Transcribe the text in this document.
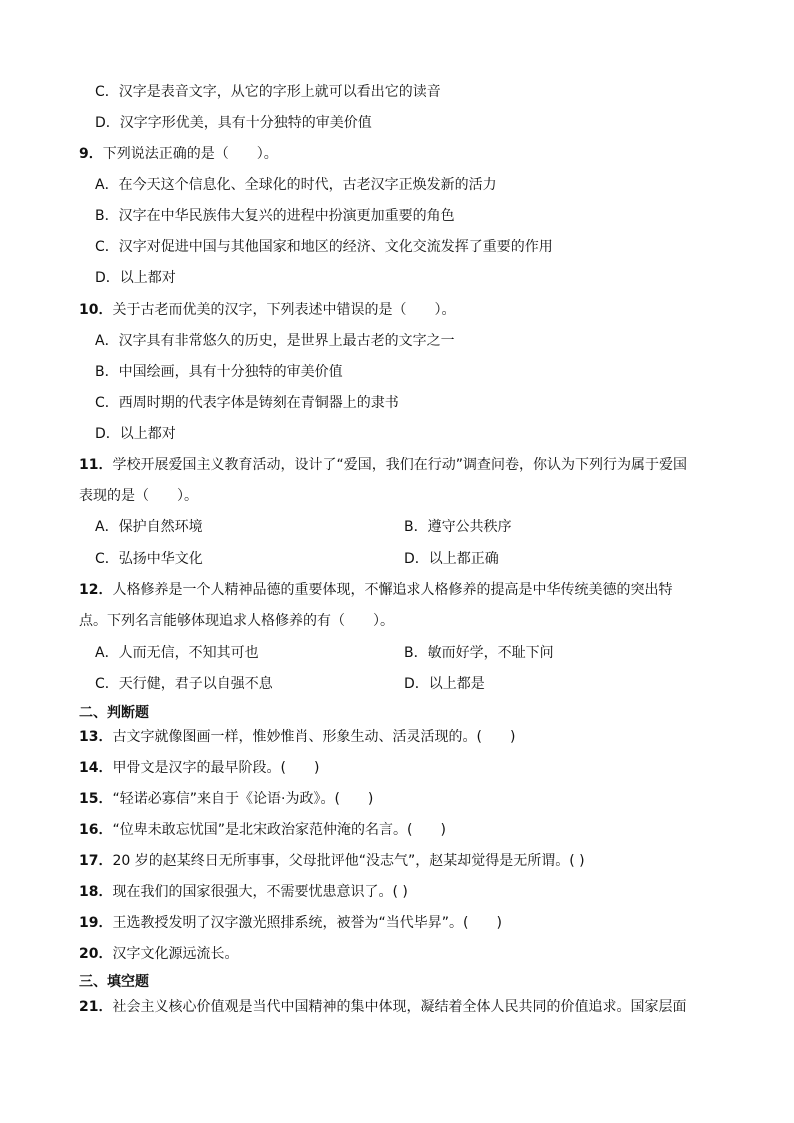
C．汉字是表音文字，从它的字形上就可以看出它的读音
D．汉字字形优美，具有十分独特的审美价值
9．下列说法正确的是（　　）。
A．在今天这个信息化、全球化的时代，古老汉字正焕发新的活力
B．汉字在中华民族伟大复兴的进程中扮演更加重要的角色
C．汉字对促进中国与其他国家和地区的经济、文化交流发挥了重要的作用
D．以上都对
10．关于古老而优美的汉字，下列表述中错误的是（　　）。
A．汉字具有非常悠久的历史，是世界上最古老的文字之一
B．中国绘画，具有十分独特的审美价值
C．西周时期的代表字体是铸刻在青铜器上的隶书
D．以上都对
11．学校开展爱国主义教育活动，设计了“爱国，我们在行动”调查问卷，你认为下列行为属于爱国
表现的是（　　）。
A．保护自然环境	B．遵守公共秩序
C．弘扬中华文化	D．以上都正确
12．人格修养是一个人精神品德的重要体现，不懈追求人格修养的提高是中华传统美德的突出特
点。下列名言能够体现追求人格修养的有（　　）。
A．人而无信，不知其可也	B．敏而好学，不耻下问
C．天行健，君子以自强不息	D．以上都是
二、判断题
13．古文字就像图画一样，惟妙惟肖、形象生动、活灵活现的。(　　)
14．甲骨文是汉字的最早阶段。(　　)
15．“轻诺必寡信”来自于《论语·为政》。(　　)
16．“位卑未敢忘忧国”是北宋政治家范仲淹的名言。(　　)
17．20 岁的赵某终日无所事事，父母批评他“没志气”，赵某却觉得是无所谓。( )
18．现在我们的国家很强大，不需要忧患意识了。( )
19．王选教授发明了汉字激光照排系统，被誉为“当代毕昇”。(　　)
20．汉字文化源远流长。
三、填空题
21．社会主义核心价值观是当代中国精神的集中体现，凝结着全体人民共同的价值追求。国家层面
